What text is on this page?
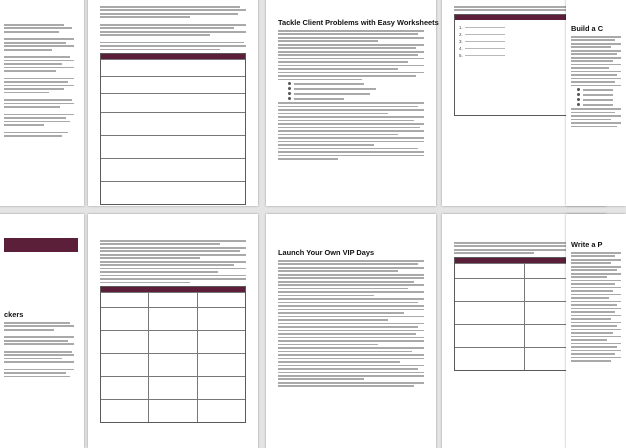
Tackle Client Problems with Easy Worksheets
1.
2.
3.
4.
5.
Build a C
ckers
Launch Your Own VIP Days
Write a P
